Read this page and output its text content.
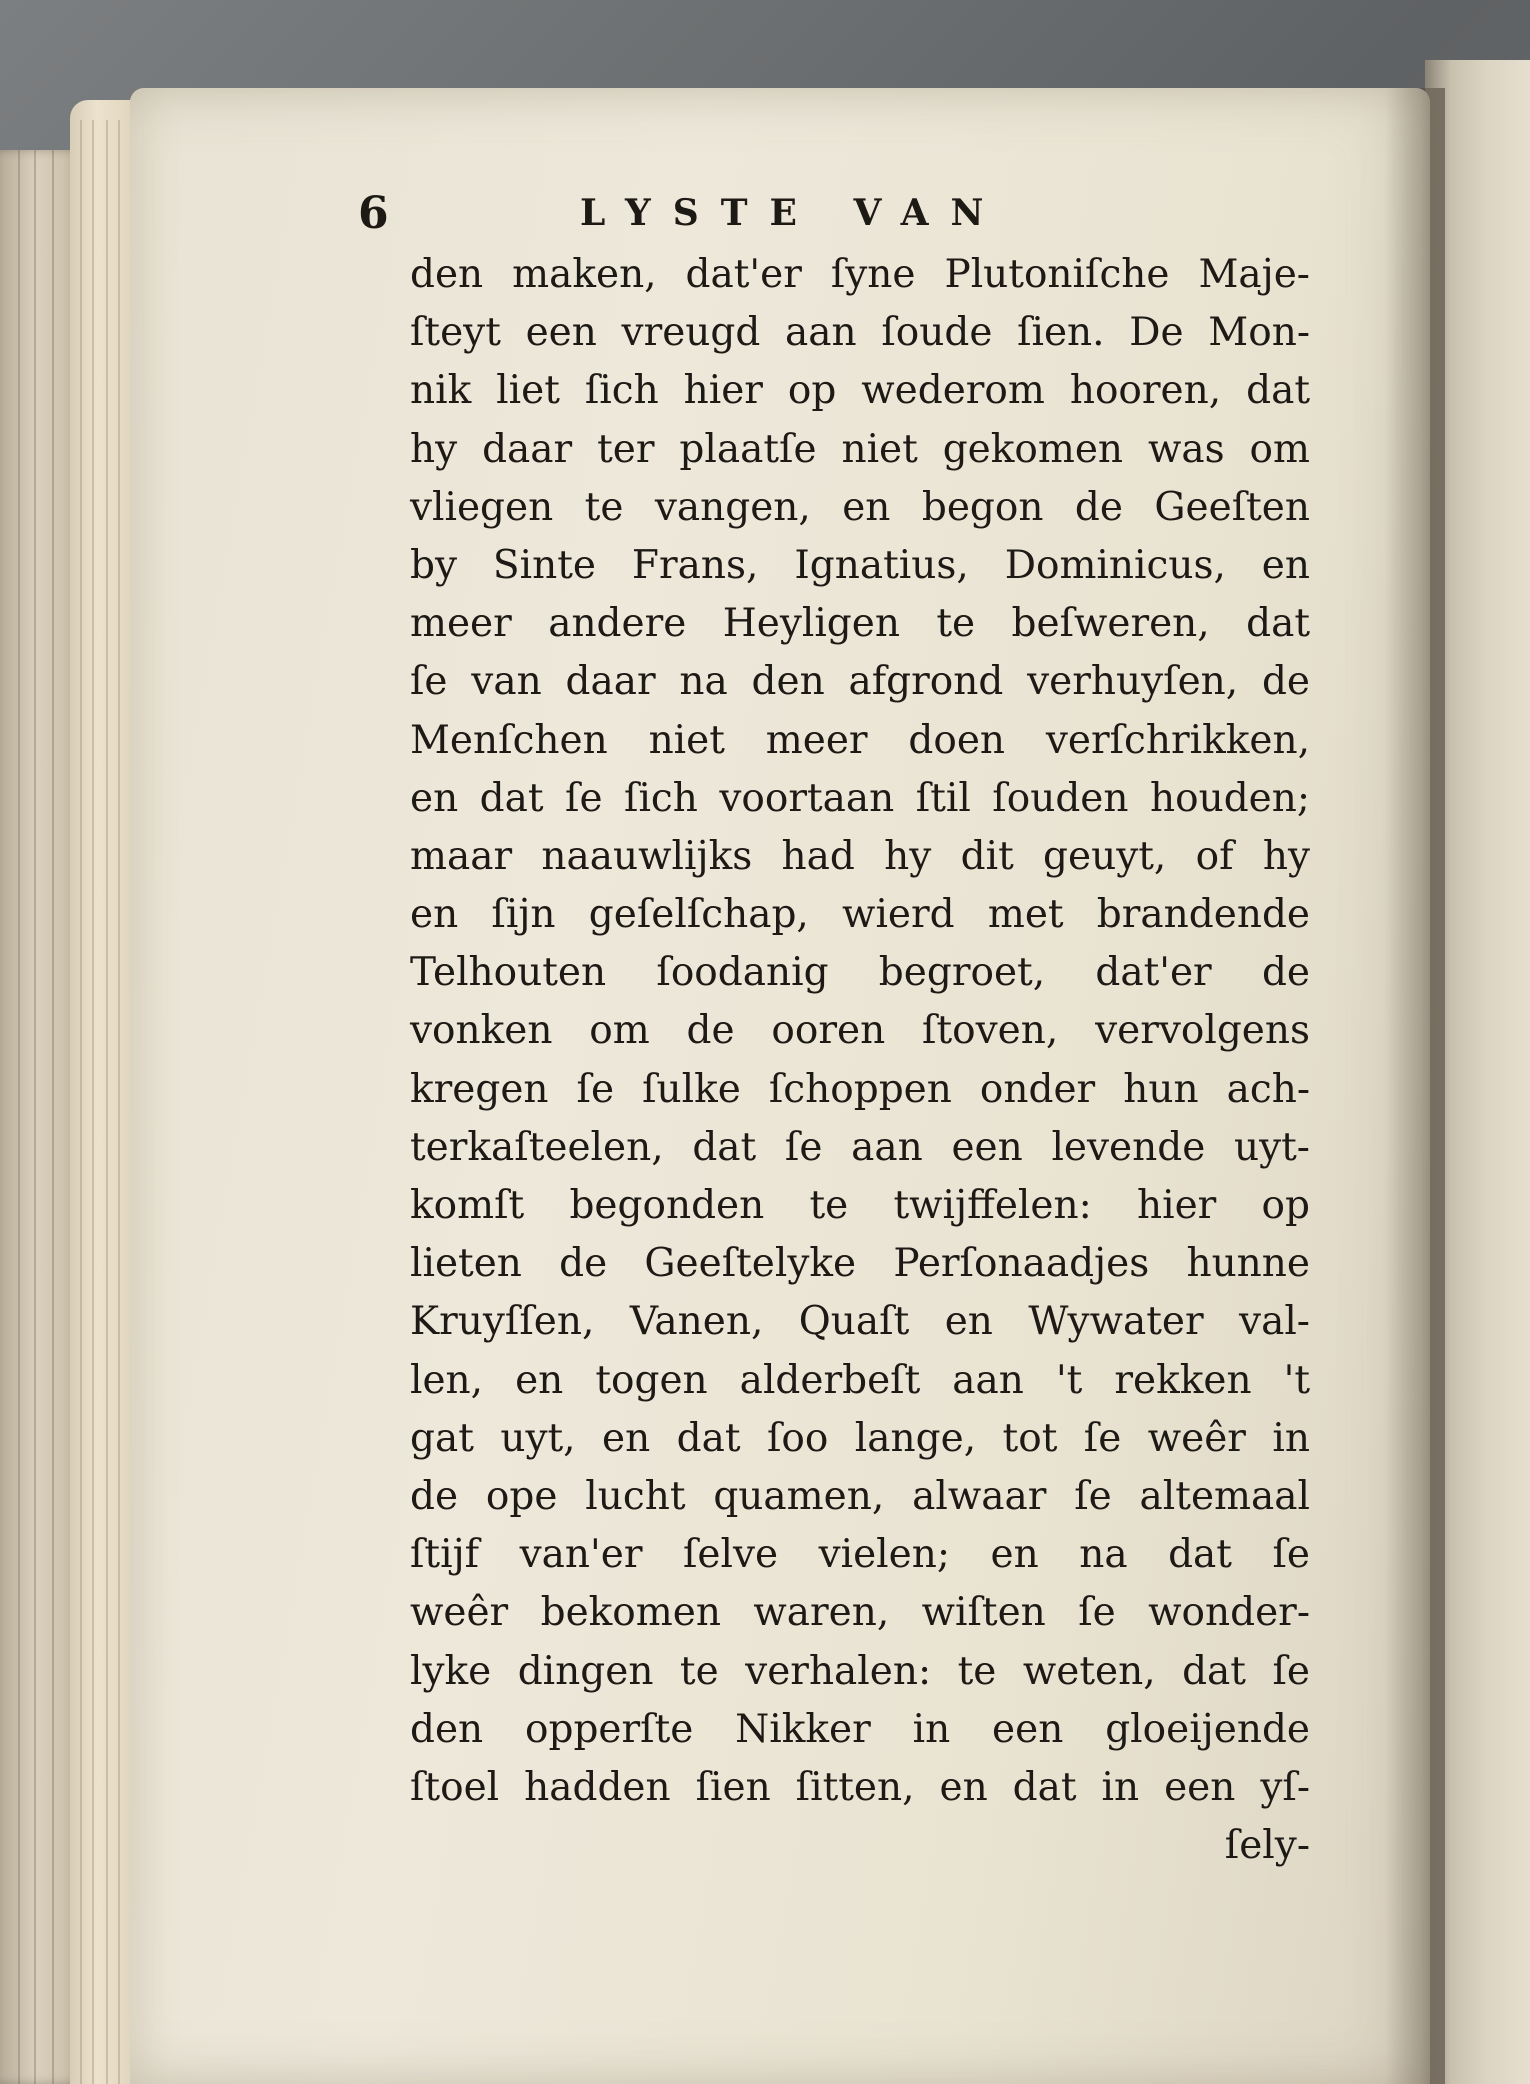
6	LYSTE VAN
den maken, dat'er ſyne Plutoniſche Maje-
ſteyt een vreugd aan ſoude ſien. De Mon-
nik liet ſich hier op wederom hooren, dat
hy daar ter plaatſe niet gekomen was om
vliegen te vangen, en begon de Geeſten
by Sinte Frans, Ignatius, Dominicus, en
meer andere Heyligen te beſweren, dat
ſe van daar na den afgrond verhuyſen, de
Menſchen niet meer doen verſchrikken,
en dat ſe ſich voortaan ſtil ſouden houden;
maar naauwlijks had hy dit geuyt, of hy
en ſijn geſelſchap, wierd met brandende
Telhouten ſoodanig begroet, dat'er de
vonken om de ooren ſtoven, vervolgens
kregen ſe ſulke ſchoppen onder hun ach-
terkaſteelen, dat ſe aan een levende uyt-
komſt begonden te twijffelen: hier op
lieten de Geeſtelyke Perſonaadjes hunne
Kruyſſen, Vanen, Quaſt en Wywater val-
len, en togen alderbeſt aan 't rekken 't
gat uyt, en dat ſoo lange, tot ſe weêr in
de ope lucht quamen, alwaar ſe altemaal
ſtijf van'er ſelve vielen; en na dat ſe
weêr bekomen waren, wiſten ſe wonder-
lyke dingen te verhalen: te weten, dat ſe
den opperſte Nikker in een gloeijende
ſtoel hadden ſien ſitten, en dat in een yſ-
ſely-
